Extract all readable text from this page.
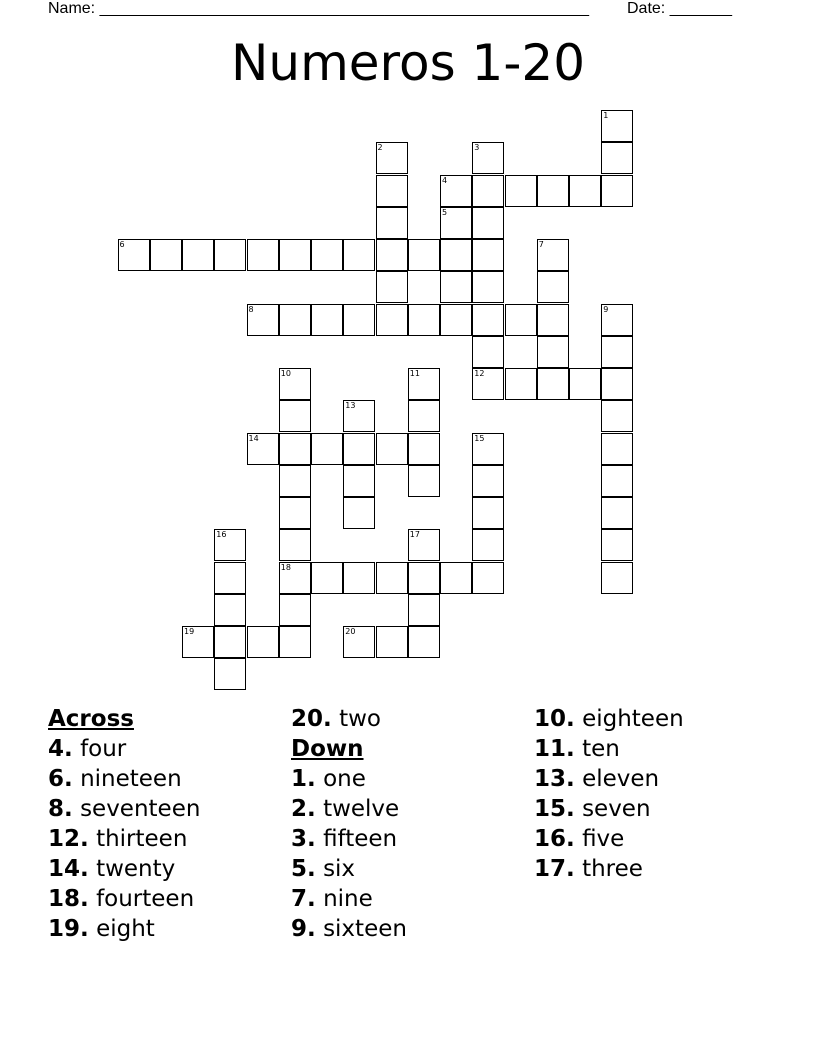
Name: _______________________________________________________ Date: _______
Numeros 1-20
1
2	3
4
5
6	7
8	9
10
18
11	12
13
14	15
16	17
19	20
Across
4. four
6. nineteen
8. seventeen
12. thirteen
14. twenty
18. fourteen
19. eight
20. two
Down
1. one
2. twelve
3. fifteen
5. six
7. nine
9. sixteen
10. eighteen
11. ten
13. eleven
15. seven
16. five
17. three
